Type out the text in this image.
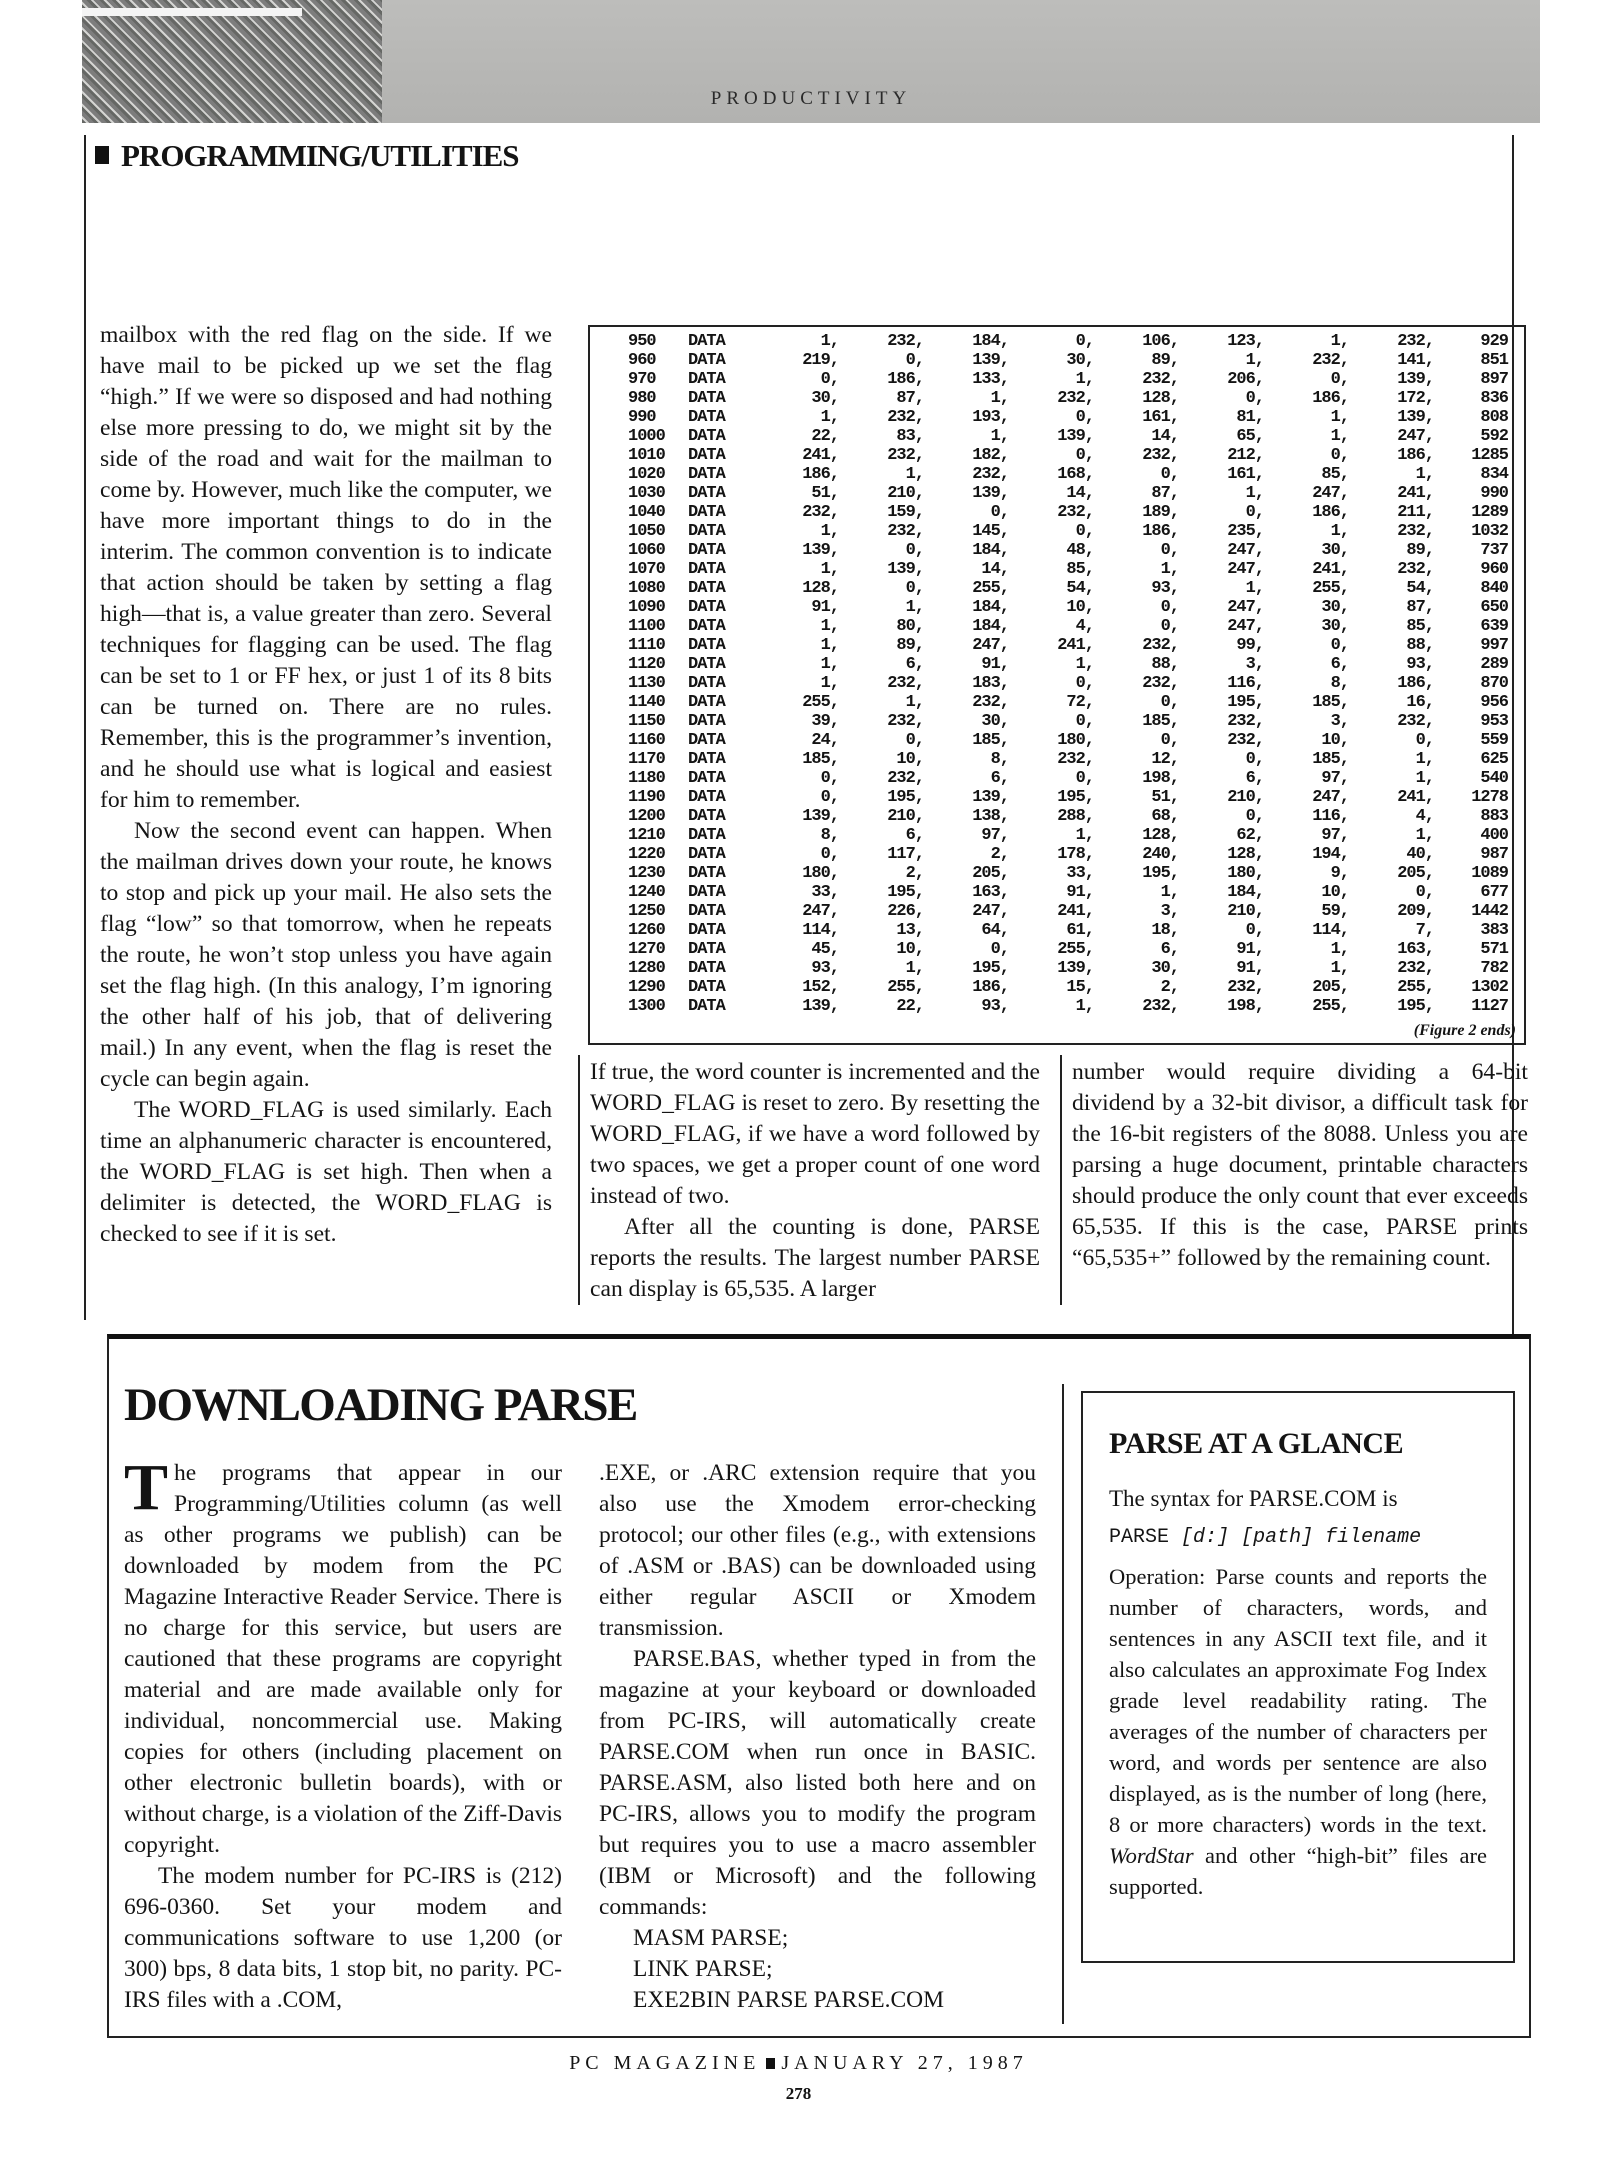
PRODUCTIVITY
PROGRAMMING/UTILITIES

mailbox with the red flag on the side. If we have mail to be picked up we set the flag “high.” If we were so disposed and had nothing else more pressing to do, we might sit by the side of the road and wait for the mailman to come by. However, much like the computer, we have more important things to do in the interim. The common convention is to indicate that action should be taken by setting a flag high—that is, a value greater than zero. Several techniques for flagging can be used. The flag can be set to 1 or FF hex, or just 1 of its 8 bits can be turned on. There are no rules. Remember, this is the programmer’s invention, and he should use what is logical and easiest for him to remember.

Now the second event can happen. When the mailman drives down your route, he knows to stop and pick up your mail. He also sets the flag “low” so that tomorrow, when he repeats the route, he won’t stop unless you have again set the flag high. (In this analogy, I’m ignoring the other half of his job, that of delivering mail.) In any event, when the flag is reset the cycle can begin again.

The WORD_FLAG is used similarly. Each time an alphanumeric character is encountered, the WORD_FLAG is set high. Then when a delimiter is detected, the WORD_FLAG is checked to see if it is set.

950	DATA	1,	232,	184,	0,	106,	123,	1,	232,	929
960	DATA	219,	0,	139,	30,	89,	1,	232,	141,	851
970	DATA	0,	186,	133,	1,	232,	206,	0,	139,	897
980	DATA	30,	87,	1,	232,	128,	0,	186,	172,	836
990	DATA	1,	232,	193,	0,	161,	81,	1,	139,	808
1000	DATA	22,	83,	1,	139,	14,	65,	1,	247,	592
1010	DATA	241,	232,	182,	0,	232,	212,	0,	186,	1285
1020	DATA	186,	1,	232,	168,	0,	161,	85,	1,	834
1030	DATA	51,	210,	139,	14,	87,	1,	247,	241,	990
1040	DATA	232,	159,	0,	232,	189,	0,	186,	211,	1289
1050	DATA	1,	232,	145,	0,	186,	235,	1,	232,	1032
1060	DATA	139,	0,	184,	48,	0,	247,	30,	89,	737
1070	DATA	1,	139,	14,	85,	1,	247,	241,	232,	960
1080	DATA	128,	0,	255,	54,	93,	1,	255,	54,	840
1090	DATA	91,	1,	184,	10,	0,	247,	30,	87,	650
1100	DATA	1,	80,	184,	4,	0,	247,	30,	85,	639
1110	DATA	1,	89,	247,	241,	232,	99,	0,	88,	997
1120	DATA	1,	6,	91,	1,	88,	3,	6,	93,	289
1130	DATA	1,	232,	183,	0,	232,	116,	8,	186,	870
1140	DATA	255,	1,	232,	72,	0,	195,	185,	16,	956
1150	DATA	39,	232,	30,	0,	185,	232,	3,	232,	953
1160	DATA	24,	0,	185,	180,	0,	232,	10,	0,	559
1170	DATA	185,	10,	8,	232,	12,	0,	185,	1,	625
1180	DATA	0,	232,	6,	0,	198,	6,	97,	1,	540
1190	DATA	0,	195,	139,	195,	51,	210,	247,	241,	1278
1200	DATA	139,	210,	138,	288,	68,	0,	116,	4,	883
1210	DATA	8,	6,	97,	1,	128,	62,	97,	1,	400
1220	DATA	0,	117,	2,	178,	240,	128,	194,	40,	987
1230	DATA	180,	2,	205,	33,	195,	180,	9,	205,	1089
1240	DATA	33,	195,	163,	91,	1,	184,	10,	0,	677
1250	DATA	247,	226,	247,	241,	3,	210,	59,	209,	1442
1260	DATA	114,	13,	64,	61,	18,	0,	114,	7,	383
1270	DATA	45,	10,	0,	255,	6,	91,	1,	163,	571
1280	DATA	93,	1,	195,	139,	30,	91,	1,	232,	782
1290	DATA	152,	255,	186,	15,	2,	232,	205,	255,	1302
1300	DATA	139,	22,	93,	1,	232,	198,	255,	195,	1127
(Figure 2 ends)

If true, the word counter is incremented and the WORD_FLAG is reset to zero. By resetting the WORD_FLAG, if we have a word followed by two spaces, we get a proper count of one word instead of two.

After all the counting is done, PARSE reports the results. The largest number PARSE can display is 65,535. A larger

number would require dividing a 64-bit dividend by a 32-bit divisor, a difficult task for the 16-bit registers of the 8088. Unless you are parsing a huge document, printable characters should produce the only count that ever exceeds 65,535. If this is the case, PARSE prints “65,535+” followed by the remaining count.

DOWNLOADING PARSE

The programs that appear in our Programming/Utilities column (as well as other programs we publish) can be downloaded by modem from the PC Magazine Interactive Reader Service. There is no charge for this service, but users are cautioned that these programs are copyright material and are made available only for individual, noncommercial use. Making copies for others (including placement on other electronic bulletin boards), with or without charge, is a violation of the Ziff-Davis copyright.

The modem number for PC-IRS is (212) 696-0360. Set your modem and communications software to use 1,200 (or 300) bps, 8 data bits, 1 stop bit, no parity. PC-IRS files with a .COM,

.EXE, or .ARC extension require that you also use the Xmodem error-checking protocol; our other files (e.g., with extensions of .ASM or .BAS) can be downloaded using either regular ASCII or Xmodem transmission.

PARSE.BAS, whether typed in from the magazine at your keyboard or downloaded from PC-IRS, will automatically create PARSE.COM when run once in BASIC. PARSE.ASM, also listed both here and on PC-IRS, allows you to modify the program but requires you to use a macro assembler (IBM or Microsoft) and the following commands:

MASM PARSE;

LINK PARSE;

EXE2BIN PARSE PARSE.COM

PARSE AT A GLANCE
The syntax for PARSE.COM is
PARSE [d:] [path] filename
Operation: Parse counts and reports the number of characters, words, and sentences in any ASCII text file, and it also calculates an approximate Fog Index grade level readability rating. The averages of the number of characters per word, and words per sentence are also displayed, as is the number of long (here, 8 or more characters) words in the text. WordStar and other “high-bit” files are supported.
PC MAGAZINE JANUARY 27, 1987
278
